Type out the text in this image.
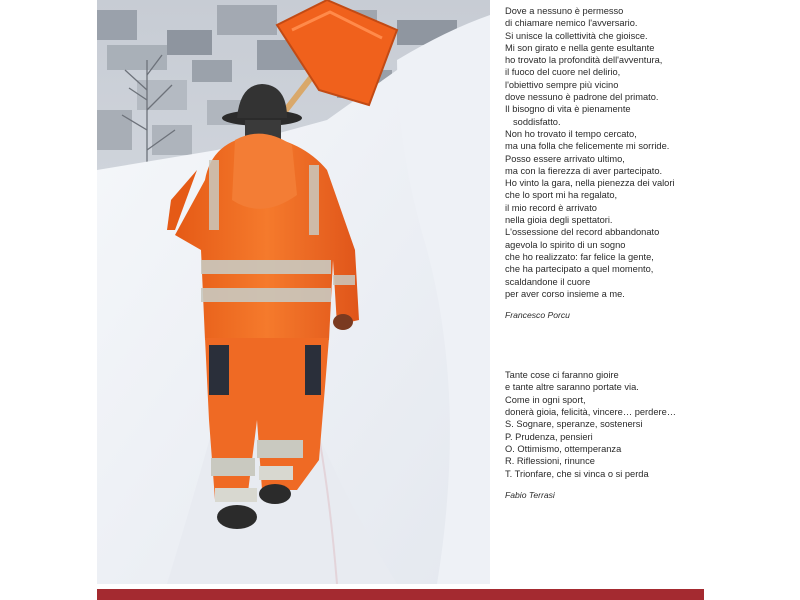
Dove a nessuno è permesso
di chiamare nemico l'avversario.
Si unisce la collettività che gioisce.
Mi son girato e nella gente esultante
ho trovato la profondità dell'avventura,
il fuoco del cuore nel delirio,
l'obiettivo sempre più vicino
dove nessuno è padrone del primato.
Il bisogno di vita è pienamente
soddisfatto.
Non ho trovato il tempo cercato,
ma una folla che felicemente mi sorride.
Posso essere arrivato ultimo,
ma con la fierezza di aver partecipato.
Ho vinto la gara, nella pienezza dei valori
che lo sport mi ha regalato,
il mio record è arrivato
nella gioia degli spettatori.
L'ossessione del record abbandonato
agevola lo spirito di un sogno
che ho realizzato: far felice la gente,
che ha partecipato a quel momento,
scaldandone il cuore
per aver corso insieme a me.
Francesco Porcu
Tante cose ci faranno gioire
e tante altre saranno portate via.
Come in ogni sport,
donerà gioia, felicità, vincere… perdere…
S. Sognare, speranze, sostenersi
P. Prudenza, pensieri
O. Ottimismo, ottemperanza
R. Riflessioni, rinunce
T. Trionfare, che si vinca o si perda
Fabio Terrasi
